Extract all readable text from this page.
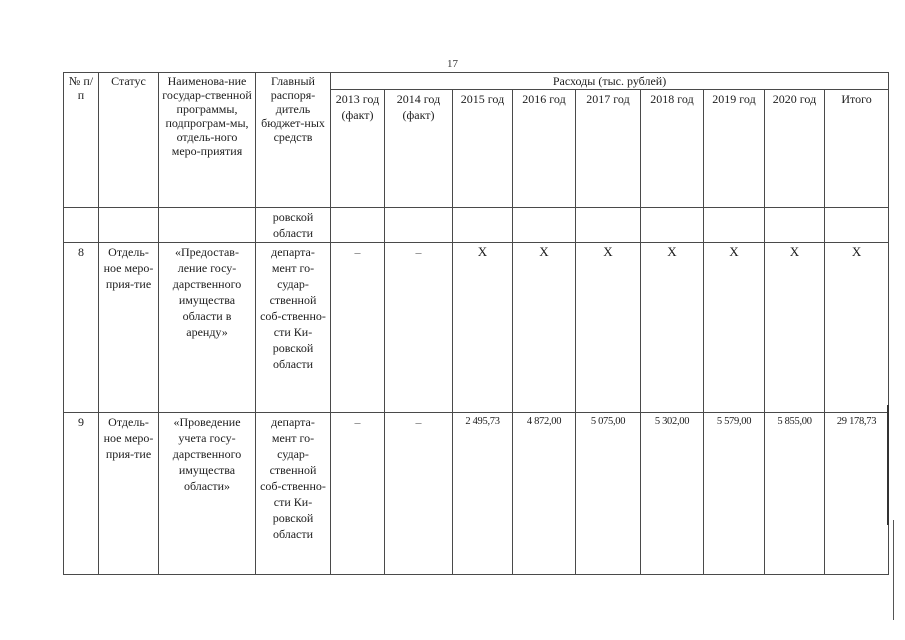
17
№ п/п	Статус	Наименова-ние государ-ственной программы, подпрограм-мы, отдель-ного меро-приятия	Главный распоря-дитель бюджет-ных средств	Расходы (тыс. рублей)								
				2013 год (факт)	2014 год (факт)	2015 год	2016 год	2017 год	2018 год	2019 год	2020 год	Итого
			ровской области									
8	Отдель-ное меро-прия-тие	«Предостав-ление госу-дарственного имущества области в аренду»	департа-мент го-судар-ственной соб-ственно-сти Ки-ровской области	–	–	X	X	X	X	X	X	X
9	Отдель-ное меро-прия-тие	«Проведение учета госу-дарственного имущества области»	департа-мент го-судар-ственной соб-ственно-сти Ки-ровской области	–	–	2 495,73	4 872,00	5 075,00	5 302,00	5 579,00	5 855,00	29 178,73
